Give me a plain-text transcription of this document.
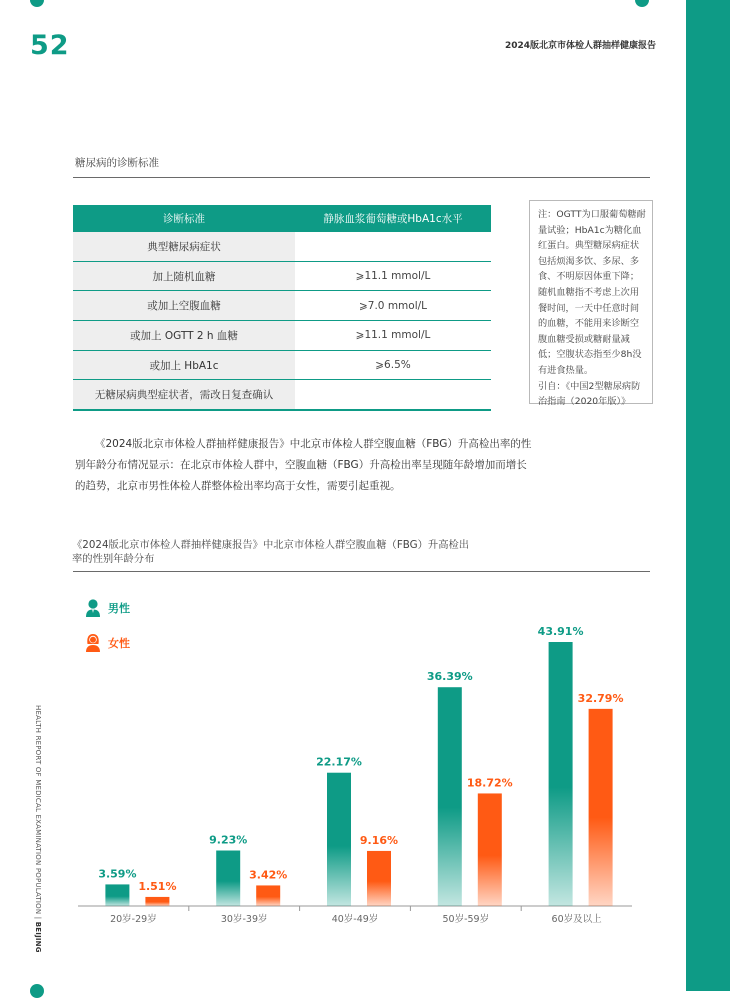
52	2024版北京市体检人群抽样健康报告
糖尿病的诊断标准
诊断标准	静脉血浆葡萄糖或HbA1c水平
典型糖尿病症状	
加上随机血糖	⩾11.1 mmol/L
或加上空腹血糖	⩾7.0 mmol/L
或加上 OGTT 2 h 血糖	⩾11.1 mmol/L
或加上 HbA1c	⩾6.5%
无糖尿病典型症状者，需改日复查确认	

注：OGTT为口服葡萄糖耐量试验；HbA1c为糖化血红蛋白。典型糖尿病症状包括烦渴多饮、多尿、多食、不明原因体重下降；随机血糖指不考虑上次用餐时间，一天中任意时间的血糖，不能用来诊断空腹血糖受损或糖耐量减低；空腹状态指至少8h没有进食热量。

引自：《中国2型糖尿病防治指南（2020年版）》

《2024版北京市体检人群抽样健康报告》中北京市体检人群空腹血糖（FBG）升高检出率的性别年龄分布情况显示：在北京市体检人群中，空腹血糖（FBG）升高检出率呈现随年龄增加而增长的趋势，北京市男性体检人群整体检出率均高于女性，需要引起重视。
《2024版北京市体检人群抽样健康报告》中北京市体检人群空腹血糖（FBG）升高检出率的性别年龄分布
男性
女性
3.59%
1.51%
20岁-29岁
9.23%
3.42%
30岁-39岁
22.17%
9.16%
40岁-49岁
36.39%
18.72%
50岁-59岁
43.91%
32.79%
60岁及以上
HEALTH REPORT OF MEDICAL EXAMINATION POPULATION | BEIJING
